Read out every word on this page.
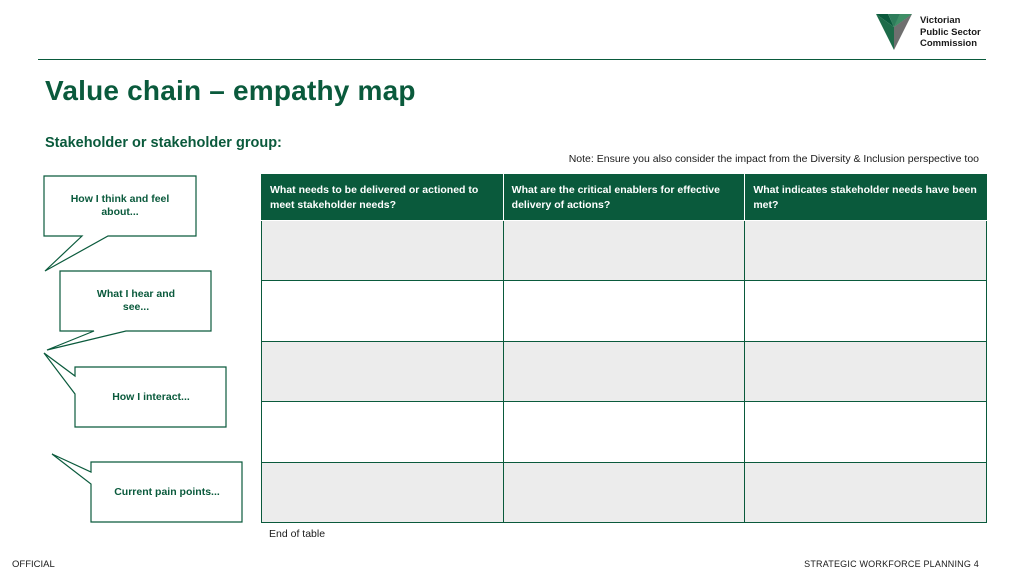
Victorian
Public Sector
Commission
Value chain – empathy map
Stakeholder or stakeholder group:
Note: Ensure you also consider the impact from the Diversity & Inclusion perspective too
How I think and feel about...
What I hear and see...
How I interact...
Current pain points...
What needs to be delivered or actioned to meet stakeholder needs?	What are the critical enablers for effective delivery of actions?	What indicates stakeholder needs have been met?

End of table
OFFICIAL	STRATEGIC WORKFORCE PLANNING 4
